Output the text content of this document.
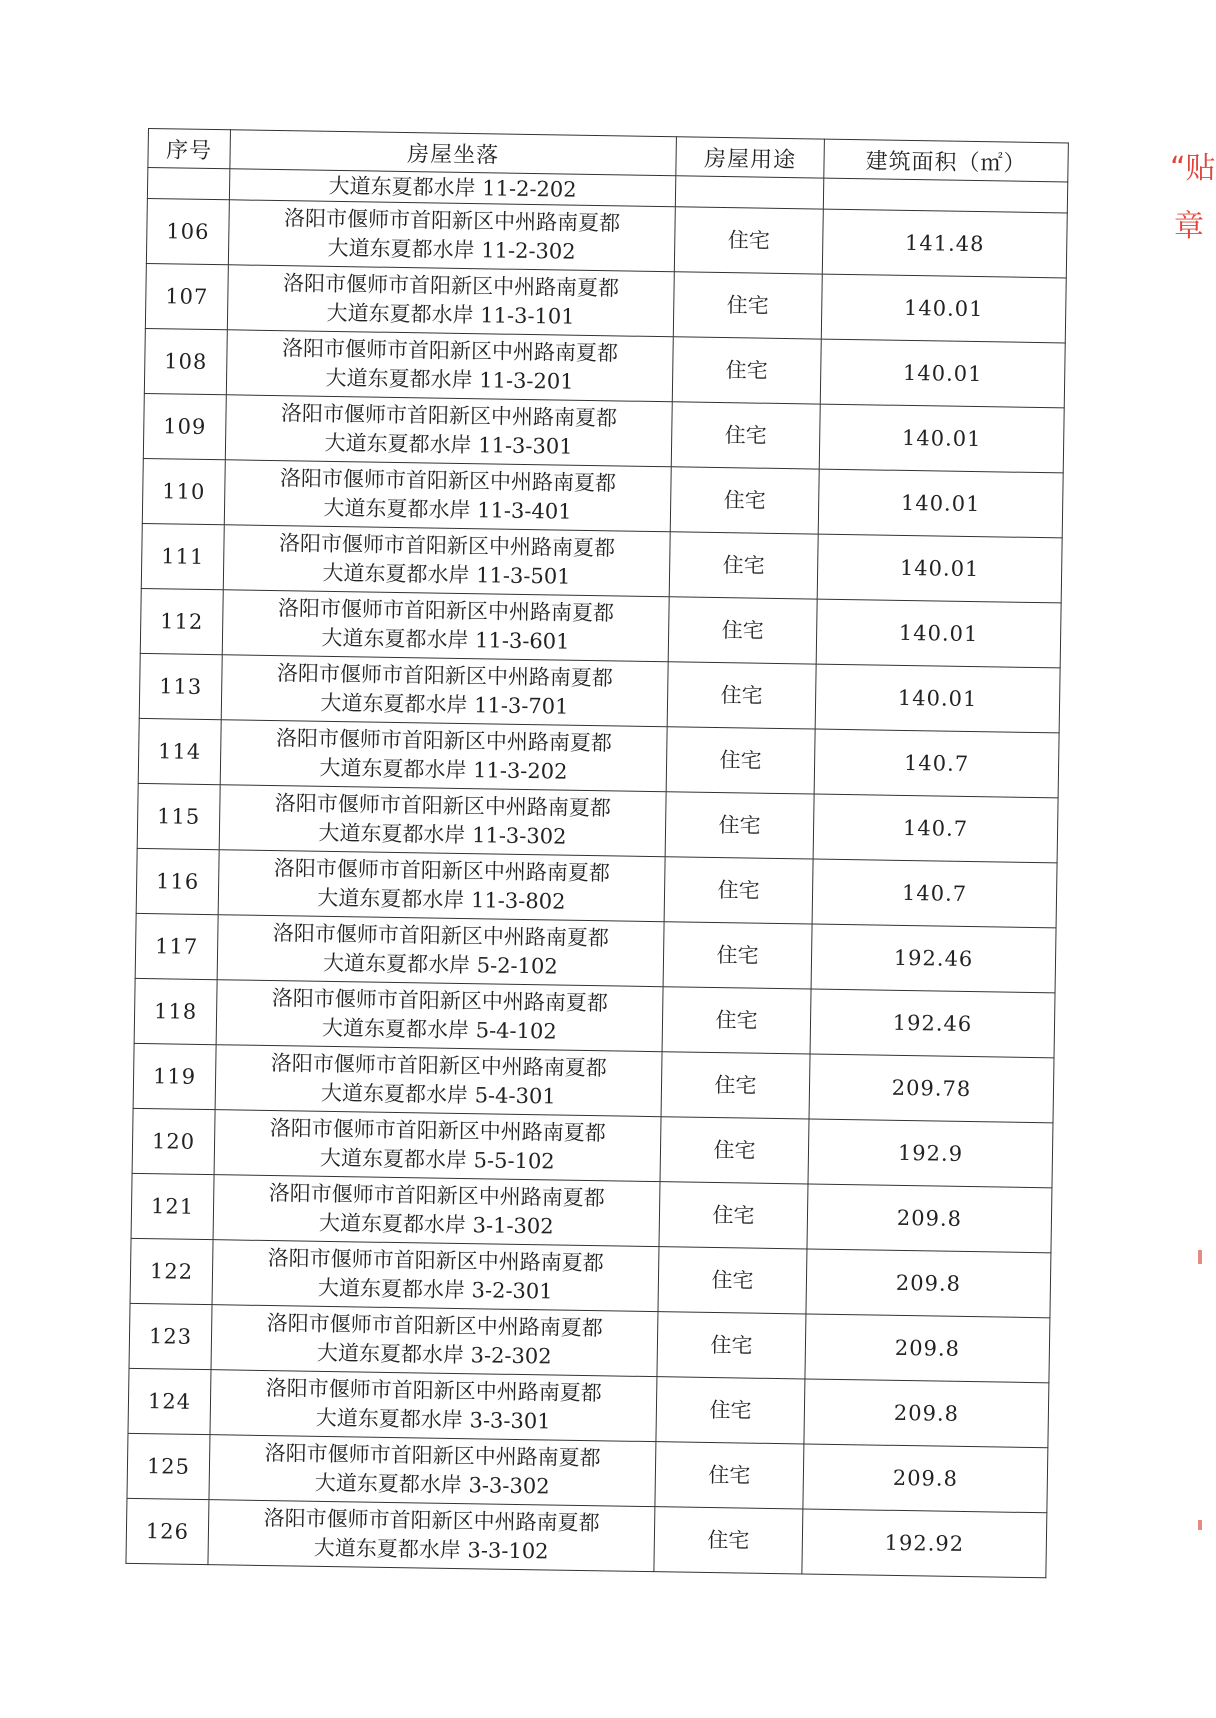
序号	房屋坐落	房屋用途	建筑面积（㎡）
	大道东夏都水岸 11-2-202		
106	洛阳市偃师市首阳新区中州路南夏都
大道东夏都水岸 11-2-302	住宅	141.48
107	洛阳市偃师市首阳新区中州路南夏都
大道东夏都水岸 11-3-101	住宅	140.01
108	洛阳市偃师市首阳新区中州路南夏都
大道东夏都水岸 11-3-201	住宅	140.01
109	洛阳市偃师市首阳新区中州路南夏都
大道东夏都水岸 11-3-301	住宅	140.01
110	洛阳市偃师市首阳新区中州路南夏都
大道东夏都水岸 11-3-401	住宅	140.01
111	洛阳市偃师市首阳新区中州路南夏都
大道东夏都水岸 11-3-501	住宅	140.01
112	洛阳市偃师市首阳新区中州路南夏都
大道东夏都水岸 11-3-601	住宅	140.01
113	洛阳市偃师市首阳新区中州路南夏都
大道东夏都水岸 11-3-701	住宅	140.01
114	洛阳市偃师市首阳新区中州路南夏都
大道东夏都水岸 11-3-202	住宅	140.7
115	洛阳市偃师市首阳新区中州路南夏都
大道东夏都水岸 11-3-302	住宅	140.7
116	洛阳市偃师市首阳新区中州路南夏都
大道东夏都水岸 11-3-802	住宅	140.7
117	洛阳市偃师市首阳新区中州路南夏都
大道东夏都水岸 5-2-102	住宅	192.46
118	洛阳市偃师市首阳新区中州路南夏都
大道东夏都水岸 5-4-102	住宅	192.46
119	洛阳市偃师市首阳新区中州路南夏都
大道东夏都水岸 5-4-301	住宅	209.78
120	洛阳市偃师市首阳新区中州路南夏都
大道东夏都水岸 5-5-102	住宅	192.9
121	洛阳市偃师市首阳新区中州路南夏都
大道东夏都水岸 3-1-302	住宅	209.8
122	洛阳市偃师市首阳新区中州路南夏都
大道东夏都水岸 3-2-301	住宅	209.8
123	洛阳市偃师市首阳新区中州路南夏都
大道东夏都水岸 3-2-302	住宅	209.8
124	洛阳市偃师市首阳新区中州路南夏都
大道东夏都水岸 3-3-301	住宅	209.8
125	洛阳市偃师市首阳新区中州路南夏都
大道东夏都水岸 3-3-302	住宅	209.8
126	洛阳市偃师市首阳新区中州路南夏都
大道东夏都水岸 3-3-102	住宅	192.92
“贴
章
